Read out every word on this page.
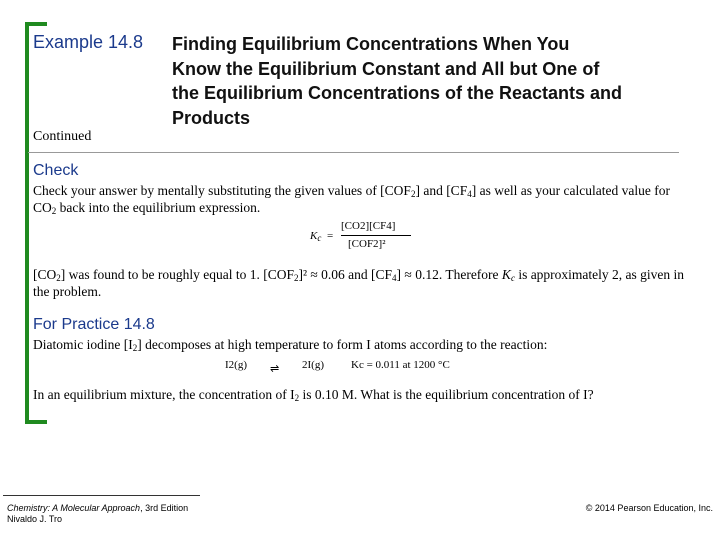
Example 14.8 Finding Equilibrium Concentrations When You
Know the Equilibrium Constant and All but One of
the Equilibrium Concentrations of the Reactants and
Products
Continued
Check
Check your answer by mentally substituting the given values of $[COF_2]$ and $[CF_4]$ as well as your calculated value for $CO_2$ back into the equilibrium expression.
$K_c$ =
[CO2][CF4]
[COF2]²
$[CO_2]$ was found to be roughly equal to 1. $[COF_2]^2 \approx 0.06$ and $[CF_4] \approx 0.12$. Therefore $K_c$ is approximately 2, as given in the problem.
For Practice 14.8
Diatomic iodine $[I_2]$ decomposes at high temperature to form I atoms according to the reaction:
I2(g) ⇌ 2I(g) Kc = 0.011 at 1200 °C
In an equilibrium mixture, the concentration of $I_2$ is 0.10 M. What is the equilibrium concentration of I?
Chemistry: A Molecular Approach, 3rd Edition
Nivaldo J. Tro
© 2014 Pearson Education, Inc.
